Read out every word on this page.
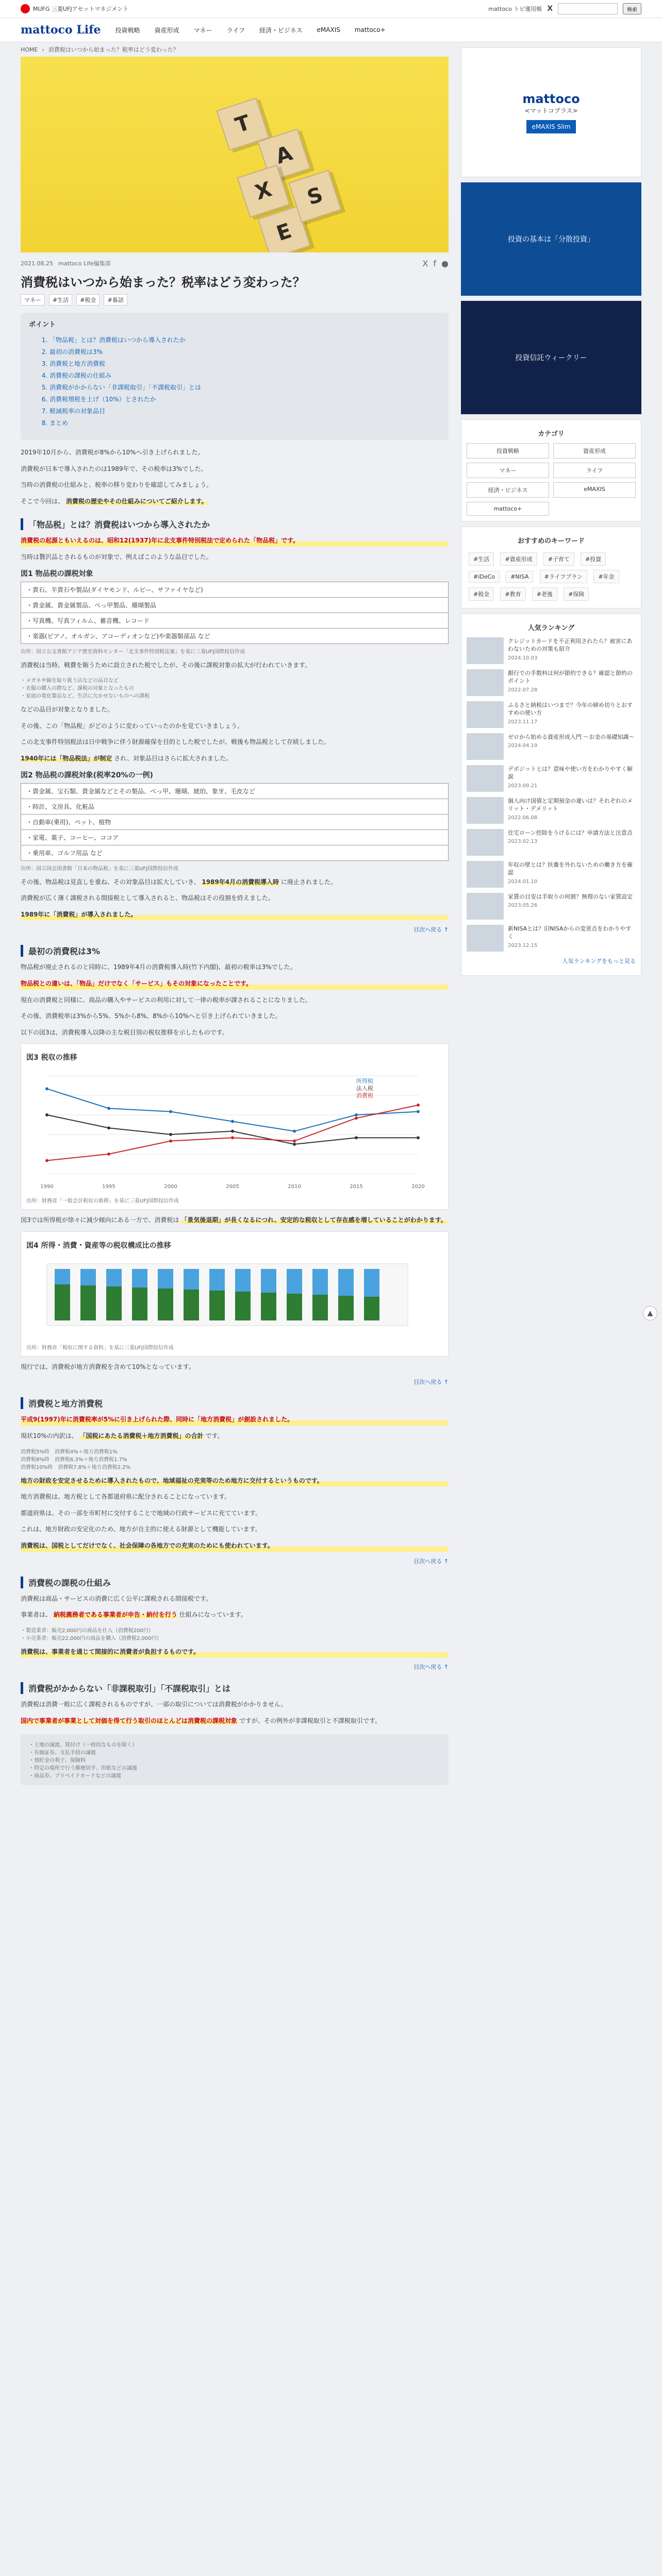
MUFG 三菱UFJアセットマネジメント	mattoco トピ運用帳 X	検索
mattoco Life 投資戦略 資産形成 マネー ライフ 経済・ビジネス eMAXIS mattoco+
HOME › 消費税はいつから始まった？税率はどう変わった？
T
A
X
E
S
2021.08.25 mattoco Life編集部	X f ●
消費税はいつから始まった？税率はどう変わった？
マネー	#生活	#税金	#暮話
ポイント
1. 「物品税」とは？消費税はいつから導入されたか
2. 最初の消費税は3%
3. 消費税と地方消費税
4. 消費税の課税の仕組み
5. 消費税がかからない「非課税取引」「不課税取引」とは
6. 消費税増税を上げ（10%）とされたか
7. 軽減税率の対象品目
8. まとめ

2019年10月から、消費税が8%から10%へ引き上げられました。

消費税が日本で導入されたのは1989年で、その税率は3%でした。

当時の消費税の仕組みと、税率の移り変わりを確認してみましょう。

そこで今回は、 消費税の歴史やその仕組みについてご紹介します。

「物品税」とは？消費税はいつから導入されたか

消費税の起源ともいえるのは、昭和12(1937)年に北支事件特別税法で定められた「物品税」です。

当時は贅沢品とされるものが対象で、例えばこのような品目でした。

図1 物品税の課税対象
・貴石、半貴石や製品(ダイヤモンド、ルビー、サファイヤなど)
・貴金属、貴金属製品、べっ甲製品、珊瑚製品
・写真機、写真フィルム、蓄音機、レコード
・楽器(ピアノ、オルガン、アコーディオンなど)や楽器類部品 など
出所：国立公文書館アジア歴史資料センター「北支事件特別税法案」を基に三菱UFJ国際投信作成

消費税は当時、戦費を賄うために設立された税でしたが、その後に課税対象の拡大が行われていきます。

・メガネや鏡を取り扱う店などの品目など
・衣服の購入の際など、課税の対象となったもの
・家庭の電化製品など、生活に欠かせないものへの課税

などの品目が対象となりました。

その後、この「物品税」がどのように変わっていったのかを見ていきましょう。

この北支事件特別税法は日中戦争に伴う財源確保を目的とした税でしたが、戦後も物品税として存続しました。

1940年には「物品税法」が制定 され、対象品目はさらに拡大されました。

図2 物品税の課税対象(税率20%の一例)
・貴金属、宝石類、貴金属などとその製品、べっ甲、珊瑚、琥珀、象牙、毛皮など
・時計、文房具、化粧品
・自動車(乗用)、ペット、植物
・家電、菓子、コーヒー、ココア
・乗用車、ゴルフ用品 など
出所：国立国会図書館「日本の物品税」を基に三菱UFJ国際投信作成

その後、物品税は見直しを重ね、その対象品目は拡大していき、 1989年4月の消費税導入時 に廃止されました。

消費税が広く薄く課税される間接税として導入されると、物品税はその役割を終えました。

1989年に「消費税」が導入されました。

目次へ戻る ↑
最初の消費税は3%

物品税が廃止されるのと同時に、1989年4月の消費税導入時(竹下内閣)、最初の税率は3%でした。

物品税との違いは、「物品」だけでなく「サービス」もその対象になったことです。

現在の消費税と同様に、商品の購入やサービスの利用に対して一律の税率が課されることになりました。

その後、消費税率は3%から5%、5%から8%、8%から10%へと引き上げられていきました。

以下の図3は、消費税導入以降の主な税目別の税収推移を示したものです。

図3 税収の推移
1990	1995	2000	2005	2010	2015	2020
所得税
法人税
消費税
出所：財務省「一般会計税収の推移」を基に三菱UFJ国際投信作成

図3では所得税が徐々に減少傾向にある一方で、消費税は 「景気後退期」が長くなるにつれ、安定的な税収として存在感を増していることがわかります。

図4 所得・消費・資産等の税収構成比の推移
出所：財務省「税収に関する資料」を基に三菱UFJ国際投信作成

現行では、消費税が地方消費税を含めて10%となっています。

目次へ戻る ↑
消費税と地方消費税

平成9(1997)年に消費税率が5%に引き上げられた際、同時に「地方消費税」が創設されました。

現状10%の内訳は、 「国税にあたる消費税＋地方消費税」の合計 です。

消費税5%時　消費税4%＋地方消費税1%
消費税8%時　消費税6.3%＋地方消費税1.7%
消費税10%時　消費税7.8%＋地方消費税2.2%

地方の財政を安定させるために導入されたもので、地域福祉の充実等のため地方に交付するというものです。

地方消費税は、地方税として各都道府県に配分されることになっています。

都道府県は、その一部を市町村に交付することで地域の行政サービスに充てています。

これは、地方財政の安定化のため、地方が自主的に使える財源として機能しています。

消費税は、国税としてだけでなく、社会保障の各地方での充実のためにも使われています。

目次へ戻る ↑
消費税の課税の仕組み

消費税は商品・サービスの消費に広く公平に課税される間接税です。

事業者は、 納税義務者である事業者が申告・納付を行う 仕組みになっています。

・製造業者：販売2,000円の商品を仕入（消費税200円）
・小売業者：販売22,000円の商品を購入（消費税2,000円）

消費税は、事業者を通じて間接的に消費者が負担するものです。

目次へ戻る ↑
消費税がかからない「非課税取引」「不課税取引」とは

消費税は消費一般に広く課税されるものですが、一部の取引については消費税がかかりません。

国内で事業者が事業として対価を得て行う取引のほとんどは消費税の課税対象 ですが、その例外が非課税取引と不課税取引です。

・土地の譲渡、貸付け（一時的なものを除く）
・有価証券、支払手段の譲渡
・預貯金の利子、保険料
・特定の場所で行う郵便切手、印紙などの譲渡
・商品券、プリペイドカードなどの譲渡
mattoco
<マットコプラス>
eMAXIS Slim
投資の基本は「分散投資」
投資信託ウィークリー
カテゴリ
投資戦略	資産形成
マネー	ライフ
経済・ビジネス	eMAXIS
mattoco+
おすすめのキーワード
#生活	#資産形成	#子育て	#投資 #iDeCo	#NISA	#ライフプラン	#年金 #税金	#教育	#老後	#保険
人気ランキング
クレジットカードを不正利用されたら？被害にあわないための対策も紹介
2024.10.03
銀行での手数料は何が節約できる？確認と節約のポイント
2022.07.28
ふるさと納税はいつまで？今年の締め切りとおすすめの使い方
2023.11.17
ゼロから始める資産形成入門 〜お金の基礎知識〜
2024.04.19
デポジットとは？意味や使い方をわかりやすく解説
2023.09.21
個人向け国債と定期預金の違いは？それぞれのメリット・デメリット
2022.06.08
住宅ローン控除をうけるには？申請方法と注意点
2023.02.13
年収の壁とは？扶養を外れないための働き方を確認
2024.01.10
家賃の目安は手取りの何割？無理のない家賃設定
2023.05.26
新NISAとは？旧NISAからの変更点をわかりやすく
2023.12.15
人気ランキングをもっと見る
▲
